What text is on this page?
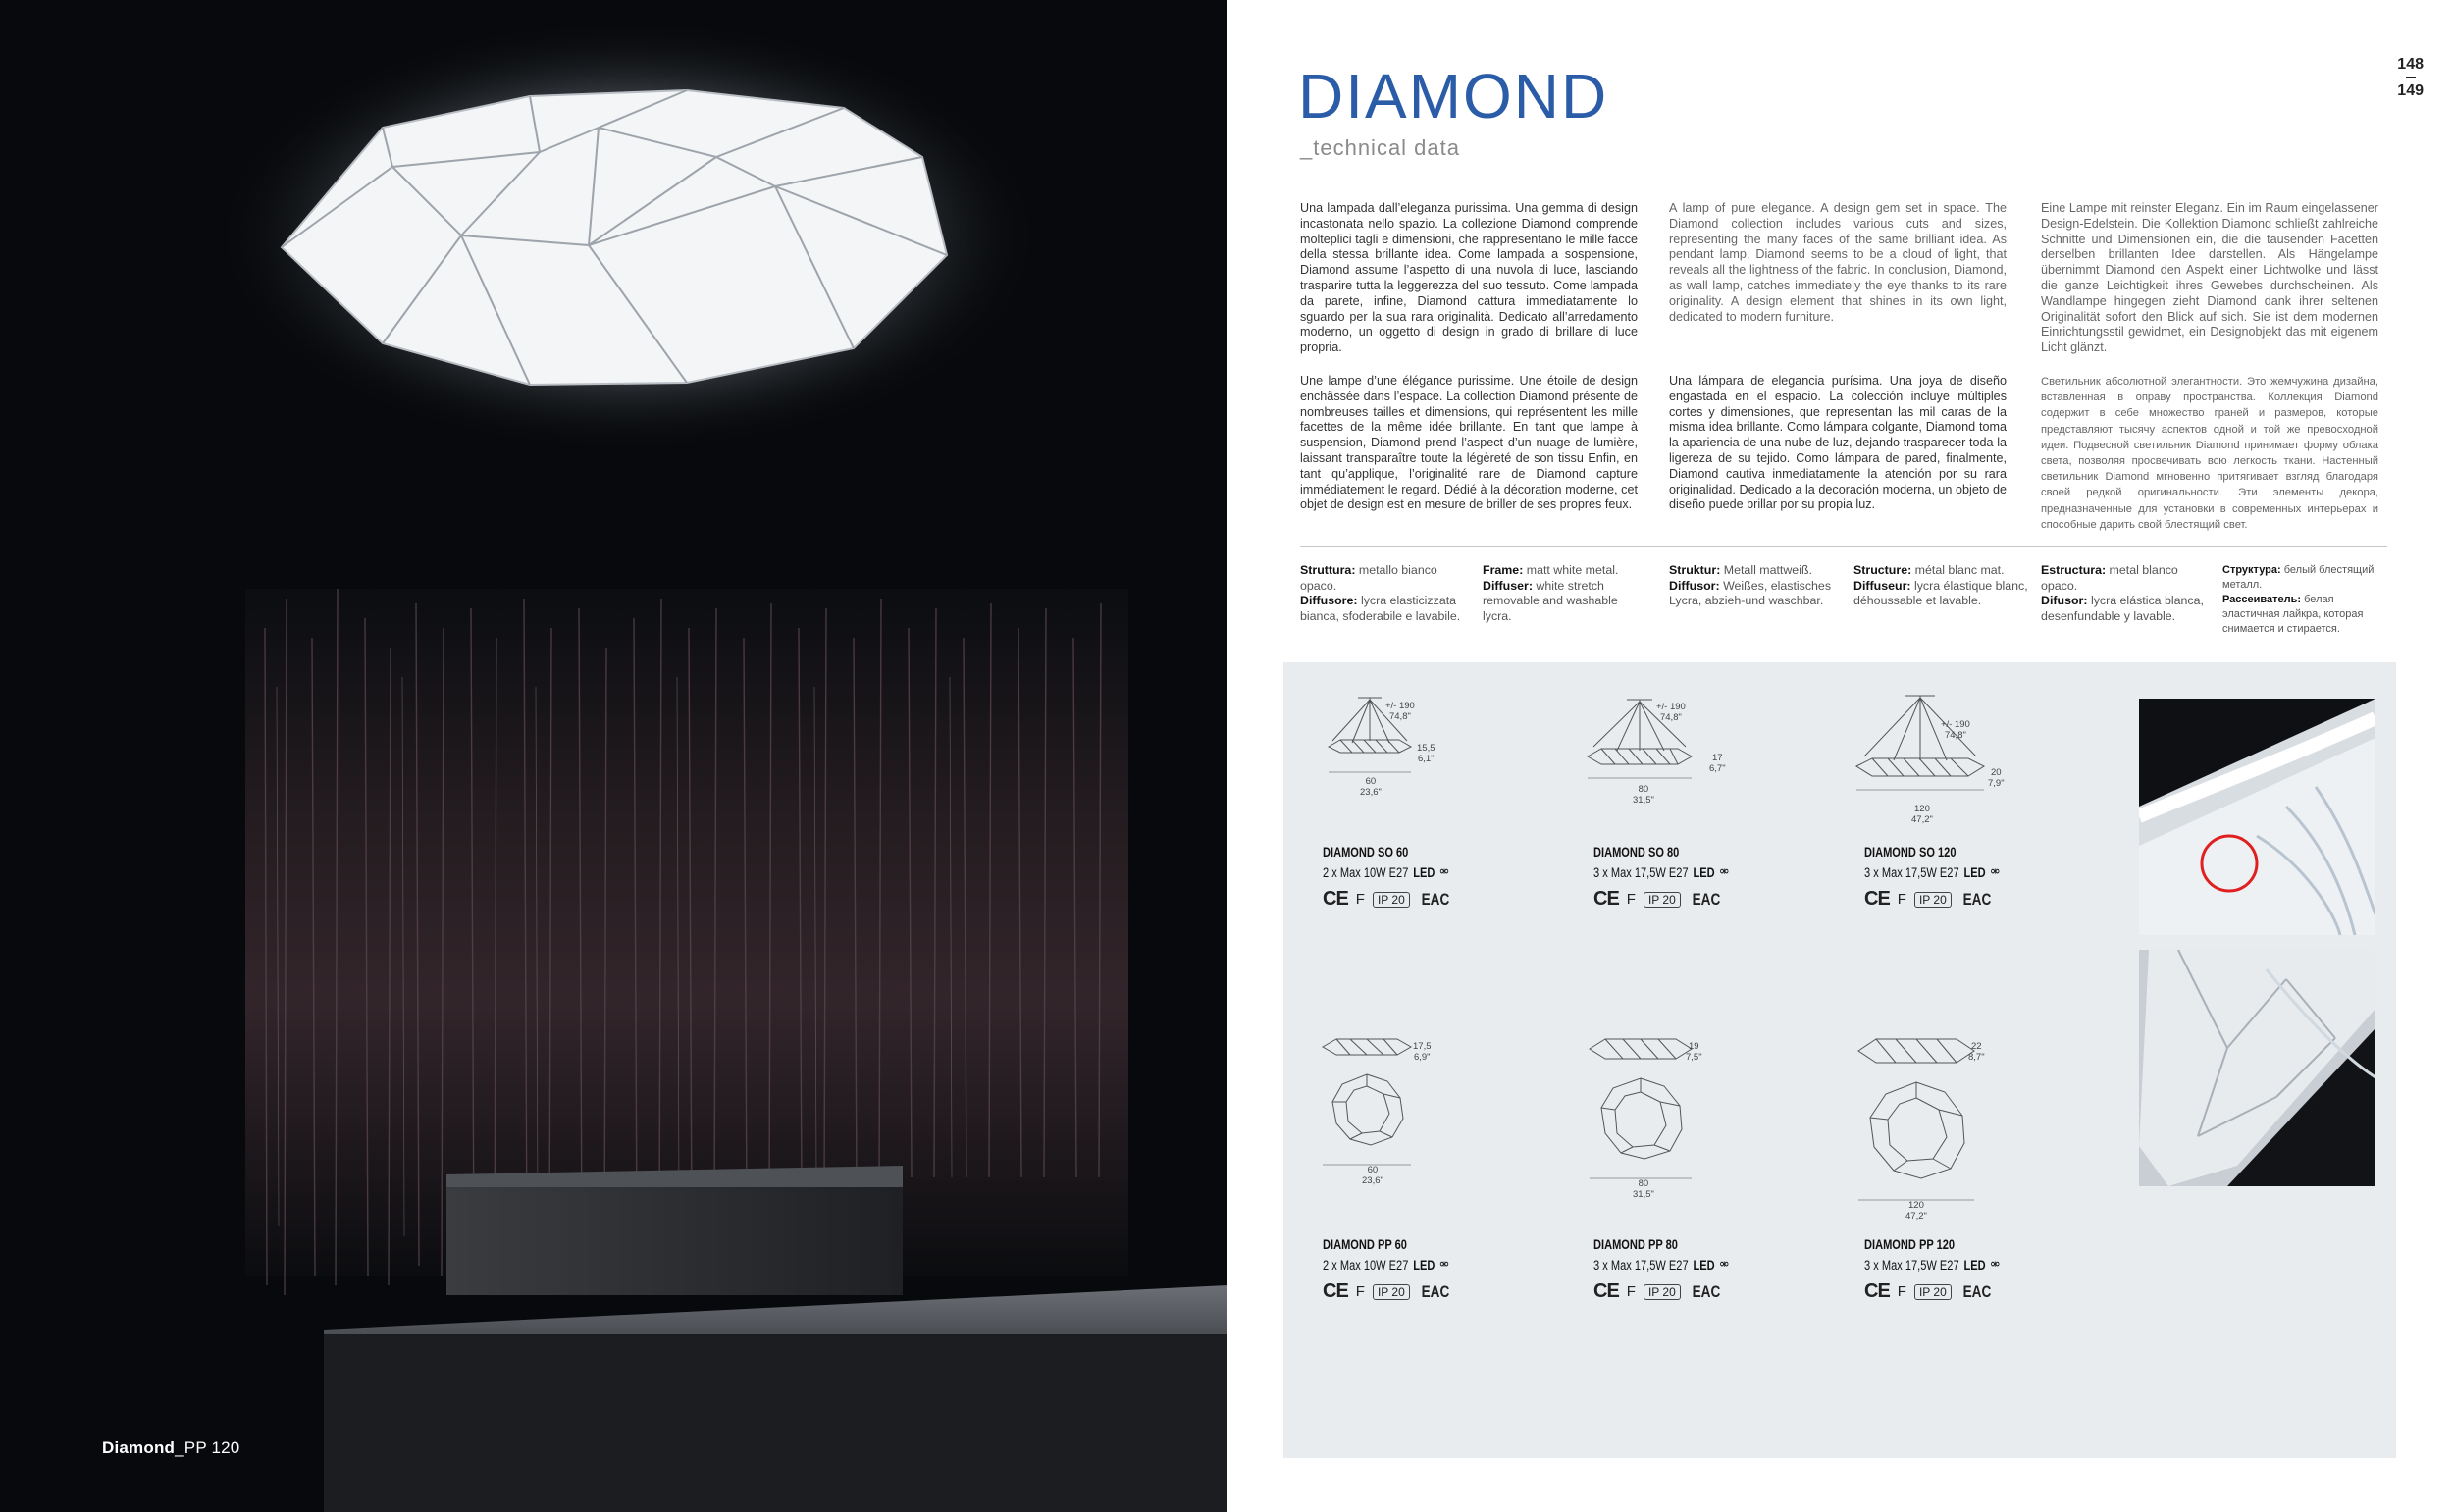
Diamond_PP 120
DIAMOND
_technical data
148
149
Una lampada dall’eleganza purissima. Una gemma di design incastonata nello spazio. La collezione Diamond comprende molteplici tagli e dimensioni, che rappresentano le mille facce della stessa brillante idea. Come lampada a sospensione, Diamond assume l’aspetto di una nuvola di luce, lasciando trasparire tutta la leggerezza del suo tessuto. Come lampada da parete, infine, Diamond cattura immediatamente lo sguardo per la sua rara originalità. Dedicato all’arredamento moderno, un oggetto di design in grado di brillare di luce propria.
A lamp of pure elegance. A design gem set in space. The Diamond collection includes various cuts and sizes, representing the many faces of the same brilliant idea. As pendant lamp, Diamond seems to be a cloud of light, that reveals all the lightness of the fabric. In conclusion, Diamond, as wall lamp, catches immediately the eye thanks to its rare originality. A design element that shines in its own light, dedicated to modern furniture.
Eine Lampe mit reinster Eleganz. Ein im Raum eingelassener Design-Edelstein. Die Kollektion Diamond schließt zahlreiche Schnitte und Dimensionen ein, die die tausenden Facetten derselben brillanten Idee darstellen. Als Hängelampe übernimmt Diamond den Aspekt einer Lichtwolke und lässt die ganze Leichtigkeit ihres Gewebes durchscheinen. Als Wandlampe hingegen zieht Diamond dank ihrer seltenen Originalität sofort den Blick auf sich. Sie ist dem modernen Einrichtungsstil gewidmet, ein Designobjekt das mit eigenem Licht glänzt.
Une lampe d’une élégance purissime. Une étoile de design enchâssée dans l’espace. La collection Diamond présente de nombreuses tailles et dimensions, qui représentent les mille facettes de la même idée brillante. En tant que lampe à suspension, Diamond prend l’aspect d’un nuage de lumière, laissant transparaître toute la légèreté de son tissu Enfin, en tant qu’applique, l’originalité rare de Diamond capture immédiatement le regard. Dédié à la décoration moderne, cet objet de design est en mesure de briller de ses propres feux.
Una lámpara de elegancia purísima. Una joya de diseño engastada en el espacio. La colección incluye múltiples cortes y dimensiones, que representan las mil caras de la misma idea brillante. Como lámpara colgante, Diamond toma la apariencia de una nube de luz, dejando trasparecer toda la ligereza de su tejido. Como lámpara de pared, finalmente, Diamond cautiva inmediatamente la atención por su rara originalidad. Dedicado a la decoración moderna, un objeto de diseño puede brillar por su propia luz.
Светильник абсолютной элегантности. Это жемчужина дизайна, вставленная в оправу пространства. Коллекция Diamond содержит в себе множество граней и размеров, которые представляют тысячу аспектов одной и той же превосходной идеи. Подвесной светильник Diamond принимает форму облака света, позволяя просвечивать всю легкость ткани. Настенный светильник Diamond мгновенно притягивает взгляд благодаря своей редкой оригинальности. Эти элементы декора, предназначенные для установки в современных интерьерах и способные дарить свой блестящий свет.
Struttura: metallo bianco opaco.
Diffusore: lycra elasticizzata bianca, sfoderabile e lavabile.
Frame: matt white metal.
Diffuser: white stretch removable and washable lycra.
Struktur: Metall mattweiß.
Diffusor: Weißes, elastisches Lycra, abzieh-und waschbar.
Structure: métal blanc mat.
Diffuseur: lycra élastique blanc, déhoussable et lavable.
Estructura: metal blanco opaco.
Difusor: lycra elástica blanca, desenfundable y lavable.
Структура: белый блестящий металл.
Рассеиватель: белая эластичная лайкра, которая снимается и стирается.
+/- 190
74,8"
15,5
6,1"
60
23,6"
+/- 190
74,8"
17
6,7"
80
31,5"
+/- 190
74,8"
20
7,9"
120
47,2"
DIAMOND SO 60
2 x Max 10W E27 LED ⚮
CE F	IP 20 EAC
DIAMOND SO 80
3 x Max 17,5W E27 LED ⚮
CE F	IP 20 EAC
DIAMOND SO 120
3 x Max 17,5W E27 LED ⚮
CE F	IP 20 EAC
17,5
6,9"
60
23,6"
19
7,5"
80
31,5"
22
8,7"
120
47,2"
DIAMOND PP 60
2 x Max 10W E27 LED ⚮
CE F	IP 20 EAC
DIAMOND PP 80
3 x Max 17,5W E27 LED ⚮
CE F	IP 20 EAC
DIAMOND PP 120
3 x Max 17,5W E27 LED ⚮
CE F	IP 20 EAC
